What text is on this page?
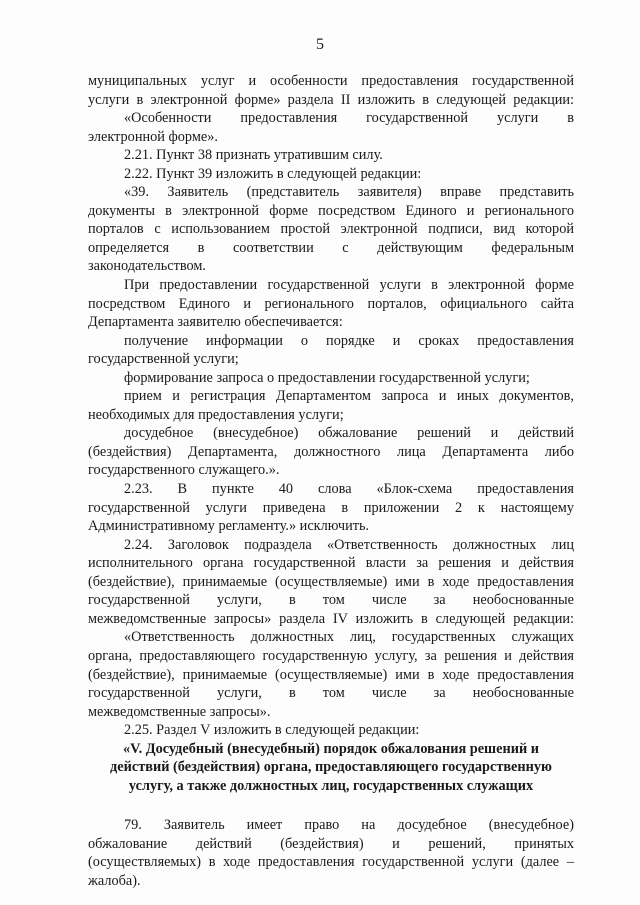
5
муниципальных услуг и особенности предоставления государственной
услуги в электронной форме» раздела II изложить в следующей редакции:
«Особенности предоставления государственной услуги в
электронной форме».
2.21. Пункт 38 признать утратившим силу.
2.22. Пункт 39 изложить в следующей редакции:
«39. Заявитель (представитель заявителя) вправе представить
документы в электронной форме посредством Единого и регионального
порталов с использованием простой электронной подписи, вид которой
определяется в соответствии с действующим федеральным
законодательством.
При предоставлении государственной услуги в электронной форме
посредством Единого и регионального порталов, официального сайта
Департамента заявителю обеспечивается:
получение информации о порядке и сроках предоставления
государственной услуги;
формирование запроса о предоставлении государственной услуги;
прием и регистрация Департаментом запроса и иных документов,
необходимых для предоставления услуги;
досудебное (внесудебное) обжалование решений и действий
(бездействия) Департамента, должностного лица Департамента либо
государственного служащего.».
2.23. В пункте 40 слова «Блок-схема предоставления
государственной услуги приведена в приложении 2 к настоящему
Административному регламенту.» исключить.
2.24. Заголовок подраздела «Ответственность должностных лиц
исполнительного органа государственной власти за решения и действия
(бездействие), принимаемые (осуществляемые) ими в ходе предоставления
государственной услуги, в том числе за необоснованные
межведомственные запросы» раздела IV изложить в следующей редакции:
«Ответственность должностных лиц, государственных служащих
органа, предоставляющего государственную услугу, за решения и действия
(бездействие), принимаемые (осуществляемые) ими в ходе предоставления
государственной услуги, в том числе за необоснованные
межведомственные запросы».
2.25. Раздел V изложить в следующей редакции:
«V. Досудебный (внесудебный) порядок обжалования решений и
действий (бездействия) органа, предоставляющего государственную
услугу, а также должностных лиц, государственных служащих
79. Заявитель имеет право на досудебное (внесудебное)
обжалование действий (бездействия) и решений, принятых
(осуществляемых) в ходе предоставления государственной услуги (далее –
жалоба).
